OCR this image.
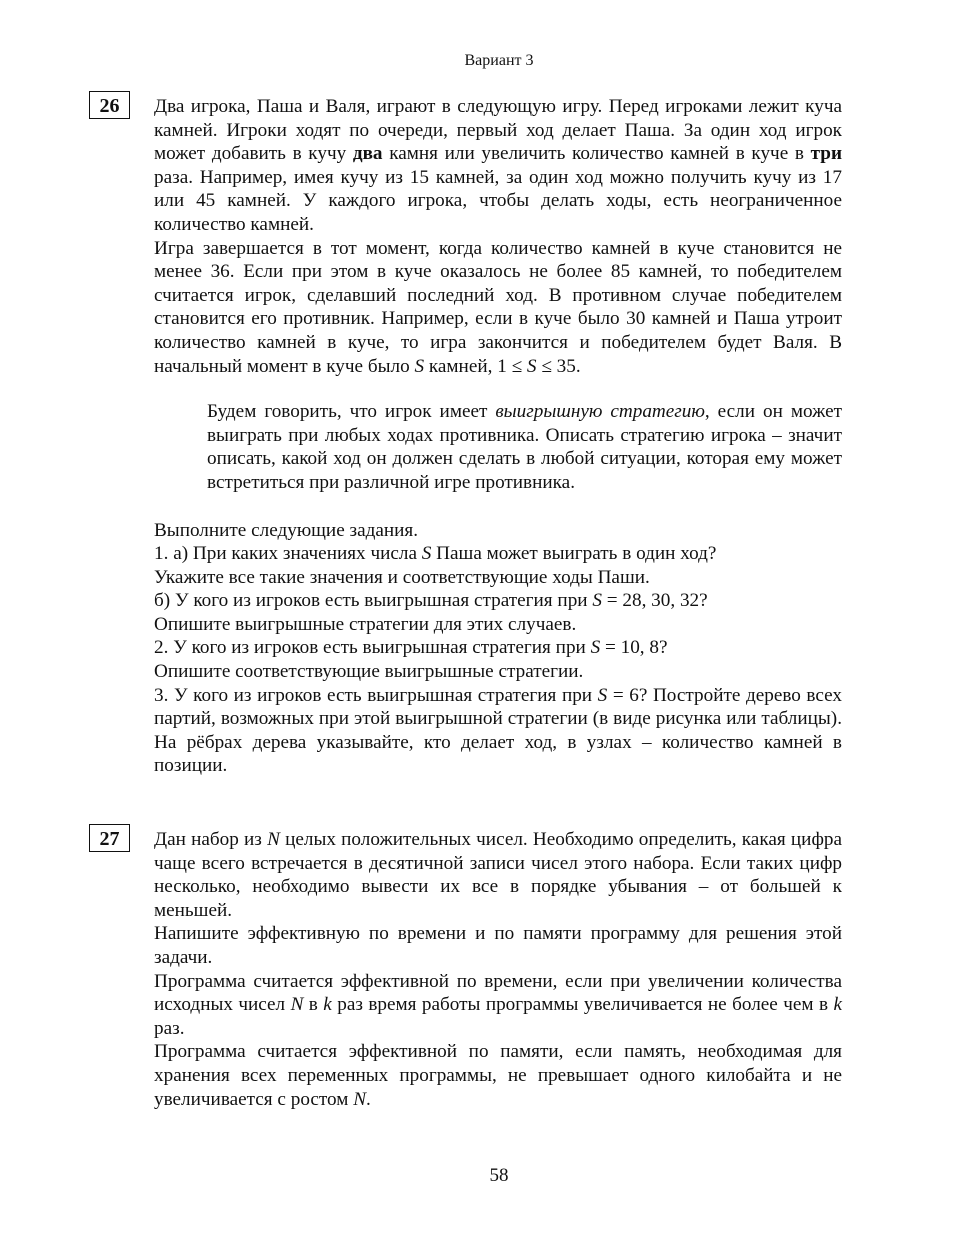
Вариант 3
26	Два игрока, Паша и Валя, играют в следующую игру. Перед игроками лежит куча камней. Игроки ходят по очереди, первый ход делает Паша. За один ход игрок может добавить в кучу два камня или увеличить количество камней в куче в три раза. Например, имея кучу из 15 камней, за один ход можно получить кучу из 17 или 45 камней. У каждого игрока, чтобы делать ходы, есть неограниченное количество камней.

Игра завершается в тот момент, когда количество камней в куче становится не менее 36. Если при этом в куче оказалось не более 85 камней, то победителем считается игрок, сделавший последний ход. В противном случае победителем становится его противник. Например, если в куче было 30 камней и Паша утроит количество камней в куче, то игра закончится и победителем будет Валя. В начальный момент в куче было S камней, 1 ≤ S ≤ 35.

Будем говорить, что игрок имеет выигрышную стратегию, если он может выиграть при любых ходах противника. Описать стратегию игрока – значит описать, какой ход он должен сделать в любой ситуации, которая ему может встретиться при различной игре противника.

Выполните следующие задания.

1. а) При каких значениях числа S Паша может выиграть в один ход?

Укажите все такие значения и соответствующие ходы Паши.

б) У кого из игроков есть выигрышная стратегия при S = 28, 30, 32?

Опишите выигрышные стратегии для этих случаев.

2. У кого из игроков есть выигрышная стратегия при S = 10, 8?

Опишите соответствующие выигрышные стратегии.

3. У кого из игроков есть выигрышная стратегия при S = 6? Постройте дерево всех партий, возможных при этой выигрышной стратегии (в виде рисунка или таблицы). На рёбрах дерева указывайте, кто делает ход, в узлах – количество камней в позиции.

27	Дан набор из N целых положительных чисел. Необходимо определить, какая цифра чаще всего встречается в десятичной записи чисел этого набора. Если таких цифр несколько, необходимо вывести их все в порядке убывания – от большей к меньшей.

Напишите эффективную по времени и по памяти программу для решения этой задачи.

Программа считается эффективной по времени, если при увеличении количества исходных чисел N в k раз время работы программы увеличивается не более чем в k раз.

Программа считается эффективной по памяти, если память, необходимая для хранения всех переменных программы, не превышает одного килобайта и не увеличивается с ростом N.

58
